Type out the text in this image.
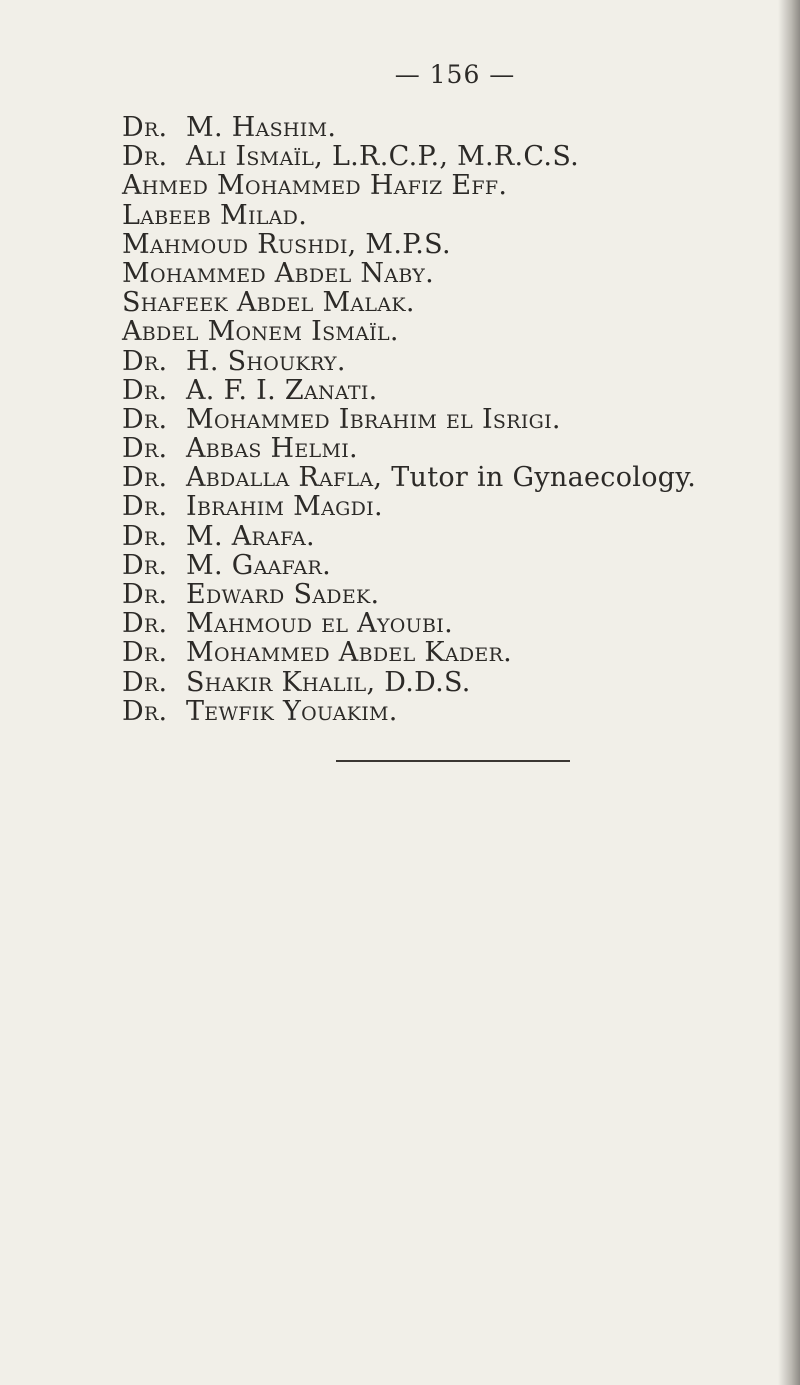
— 156 —
Dr. M. Hashim.
Dr. Ali Ismaïl, L.R.C.P., M.R.C.S.
Ahmed Mohammed Hafiz Eff.
Labeeb Milad.
Mahmoud Rushdi, M.P.S.
Mohammed Abdel Naby.
Shafeek Abdel Malak.
Abdel Monem Ismaïl.
Dr. H. Shoukry.
Dr. A. F. I. Zanati.
Dr. Mohammed Ibrahim el Isrigi.
Dr. Abbas Helmi.
Dr. Abdalla Rafla, Tutor in Gynaecology.
Dr. Ibrahim Magdi.
Dr. M. Arafa.
Dr. M. Gaafar.
Dr. Edward Sadek.
Dr. Mahmoud el Ayoubi.
Dr. Mohammed Abdel Kader.
Dr. Shakir Khalil, D.D.S.
Dr. Tewfik Youakim.
